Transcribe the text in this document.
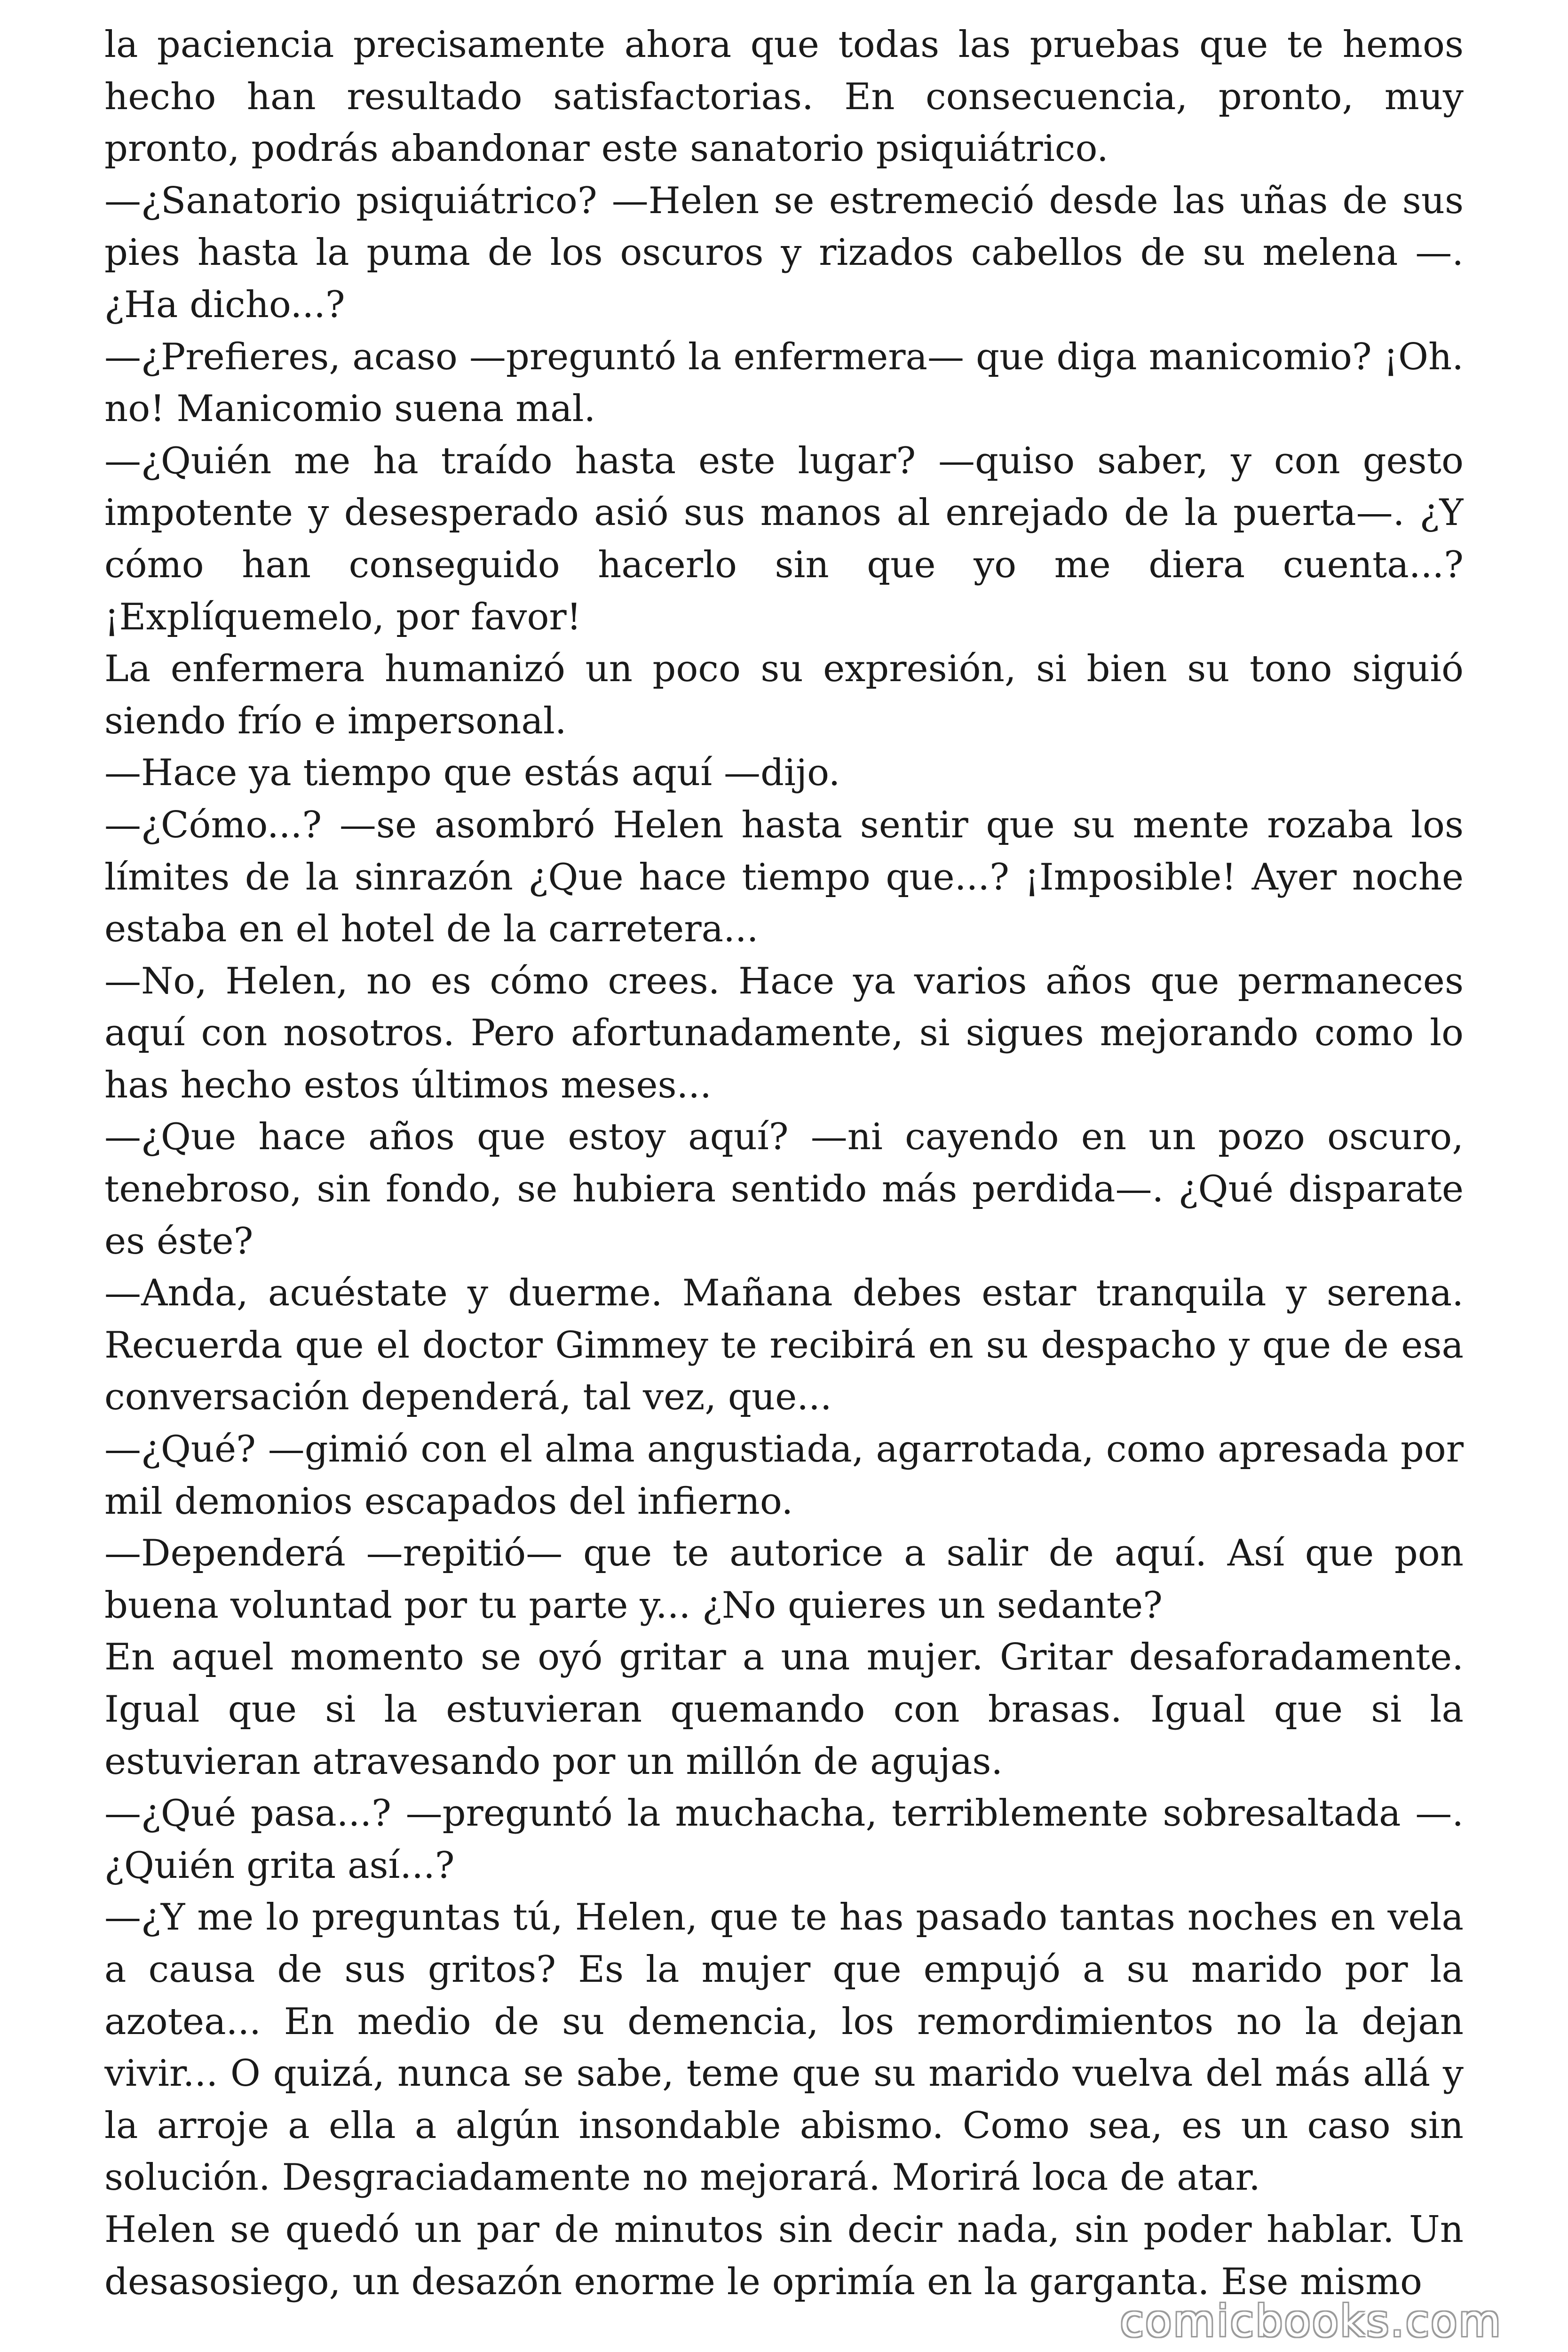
la paciencia precisamente ahora que todas las pruebas que te hemos hecho han resultado satisfactorias. En consecuencia, pronto, muy pronto, podrás abandonar este sanatorio psiquiátrico.

—¿Sanatorio psiquiátrico? —Helen se estremeció desde las uñas de sus pies hasta la puma de los oscuros y rizados cabellos de su melena —. ¿Ha dicho...?

—¿Prefieres, acaso —preguntó la enfermera— que diga manicomio? ¡Oh. no! Manicomio suena mal.

—¿Quién me ha traído hasta este lugar? —quiso saber, y con gesto impotente y desesperado asió sus manos al enrejado de la puerta—. ¿Y cómo han conseguido hacerlo sin que yo me diera cuenta...? ¡Explíquemelo, por favor!

La enfermera humanizó un poco su expresión, si bien su tono siguió siendo frío e impersonal.

—Hace ya tiempo que estás aquí —dijo.

—¿Cómo...? —se asombró Helen hasta sentir que su mente rozaba los límites de la sinrazón ¿Que hace tiempo que...? ¡Imposible! Ayer noche estaba en el hotel de la carretera...

—No, Helen, no es cómo crees. Hace ya varios años que permaneces aquí con nosotros. Pero afortunadamente, si sigues mejorando como lo has hecho estos últimos meses...

—¿Que hace años que estoy aquí? —ni cayendo en un pozo oscuro, tenebroso, sin fondo, se hubiera sentido más perdida—. ¿Qué disparate es éste?

—Anda, acuéstate y duerme. Mañana debes estar tranquila y serena. Recuerda que el doctor Gimmey te recibirá en su despacho y que de esa conversación dependerá, tal vez, que...

—¿Qué? —gimió con el alma angustiada, agarrotada, como apresada por mil demonios escapados del infierno.

—Dependerá —repitió— que te autorice a salir de aquí. Así que pon buena voluntad por tu parte y... ¿No quieres un sedante?

En aquel momento se oyó gritar a una mujer. Gritar desaforadamente. Igual que si la estuvieran quemando con brasas. Igual que si la estuvieran atravesando por un millón de agujas.

—¿Qué pasa...? —preguntó la muchacha, terriblemente sobresaltada —. ¿Quién grita así...?

—¿Y me lo preguntas tú, Helen, que te has pasado tantas noches en vela a causa de sus gritos? Es la mujer que empujó a su marido por la azotea... En medio de su demencia, los remordimientos no la dejan vivir... O quizá, nunca se sabe, teme que su marido vuelva del más allá y la arroje a ella a algún insondable abismo. Como sea, es un caso sin solución. Desgraciadamente no mejorará. Morirá loca de atar.

Helen se quedó un par de minutos sin decir nada, sin poder hablar. Un desasosiego, un desazón enorme le oprimía en la garganta. Ese mismo

comicbooks.com
